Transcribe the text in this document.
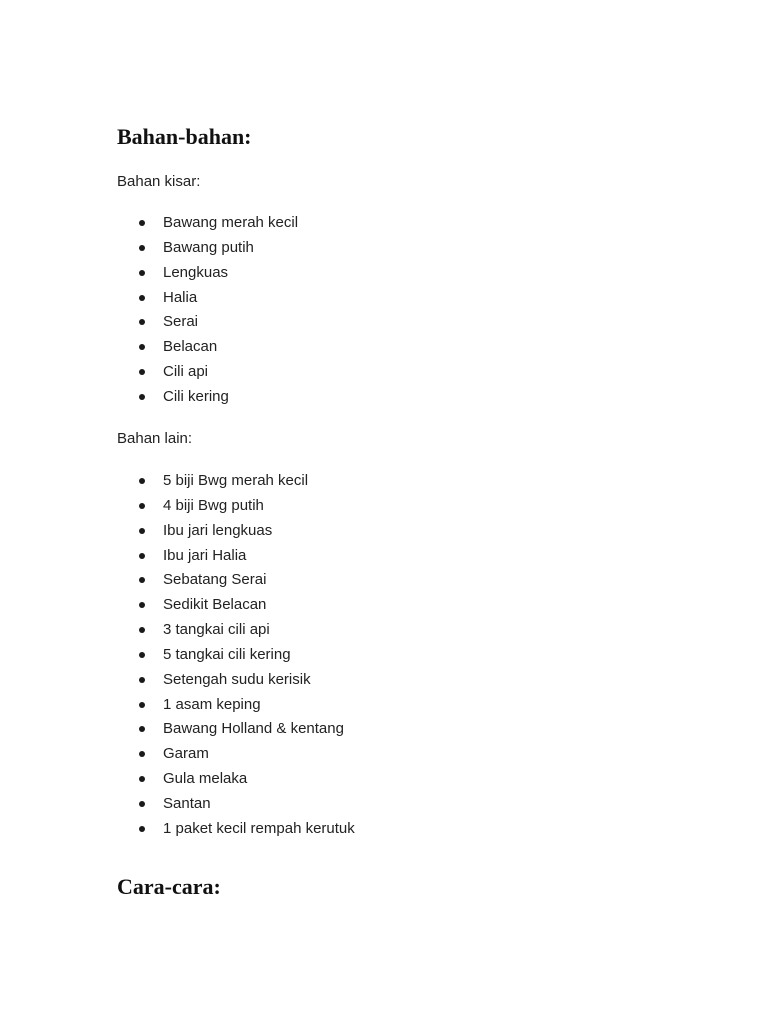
Bahan-bahan:

Bahan kisar:

Bawang merah kecil
Bawang putih
Lengkuas
Halia
Serai
Belacan
Cili api
Cili kering

Bahan lain:

5 biji Bwg merah kecil
4 biji Bwg putih
Ibu jari lengkuas
Ibu jari Halia
Sebatang Serai
Sedikit Belacan
3 tangkai cili api
5 tangkai cili kering
Setengah sudu kerisik
1 asam keping
Bawang Holland & kentang
Garam
Gula melaka
Santan
1 paket kecil rempah kerutuk
Cara-cara:
